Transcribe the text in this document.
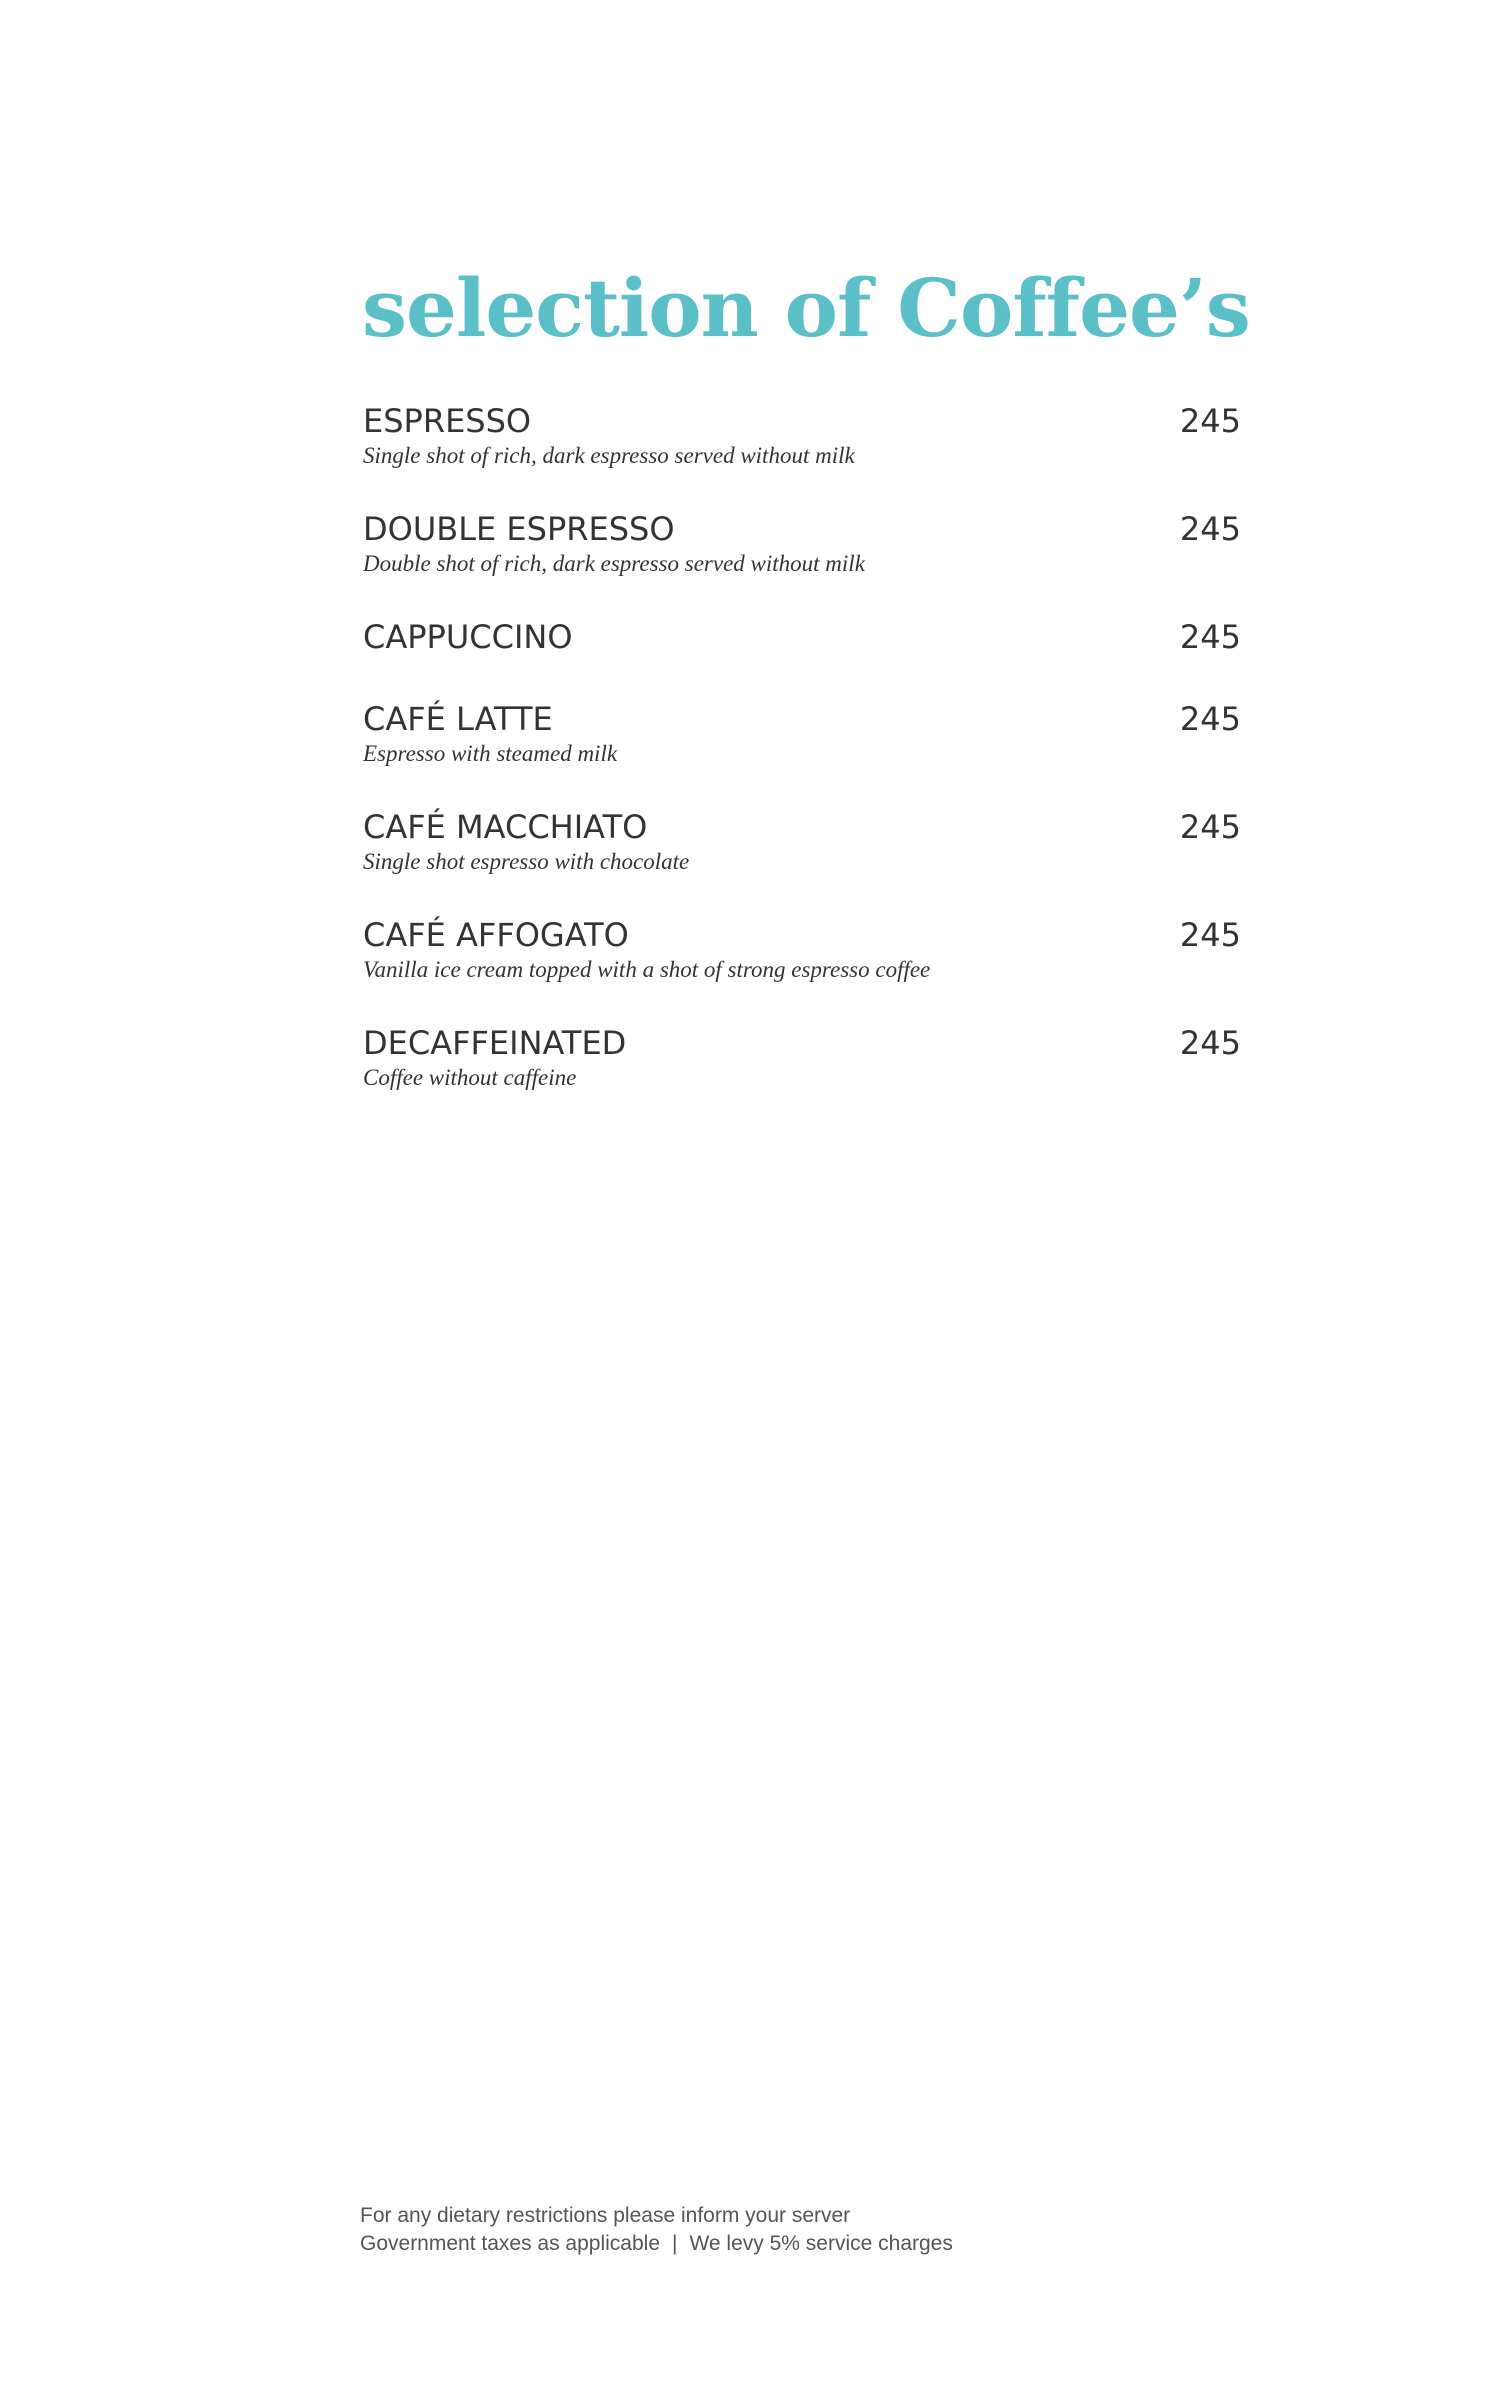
selection of Coffee’s
ESPRESSO	245
Single shot of rich, dark espresso served without milk
DOUBLE ESPRESSO	245
Double shot of rich, dark espresso served without milk
CAPPUCCINO	245
CAFÉ LATTE	245
Espresso with steamed milk
CAFÉ MACCHIATO	245
Single shot espresso with chocolate
CAFÉ AFFOGATO	245
Vanilla ice cream topped with a shot of strong espresso coffee
DECAFFEINATED	245
Coffee without caffeine
For any dietary restrictions please inform your server
Government taxes as applicable | We levy 5% service charges
